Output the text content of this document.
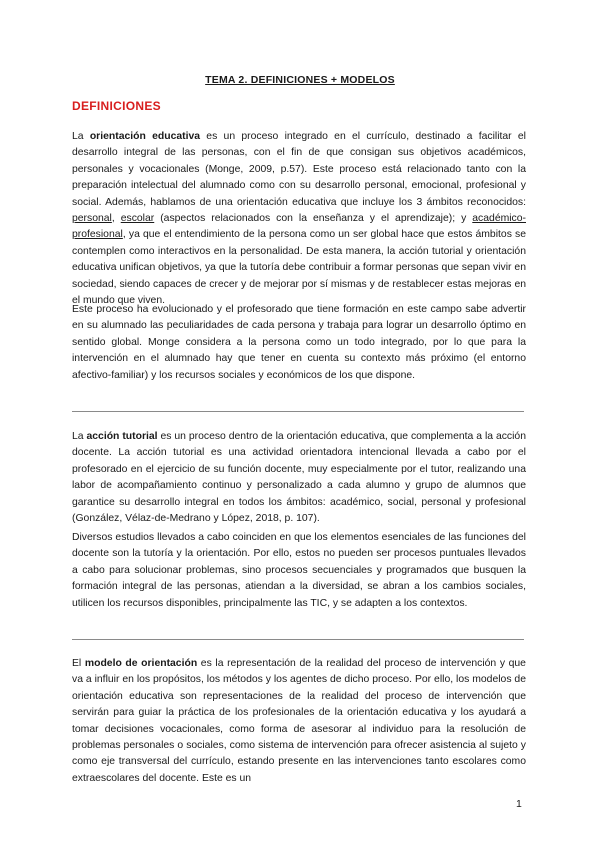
TEMA 2. DEFINICIONES + MODELOS
DEFINICIONES

La orientación educativa es un proceso integrado en el currículo, destinado a facilitar el desarrollo integral de las personas, con el fin de que consigan sus objetivos académicos, personales y vocacionales (Monge, 2009, p.57). Este proceso está relacionado tanto con la preparación intelectual del alumnado como con su desarrollo personal, emocional, profesional y social. Además, hablamos de una orientación educativa que incluye los 3 ámbitos reconocidos: personal, escolar (aspectos relacionados con la enseñanza y el aprendizaje); y académico-profesional, ya que el entendimiento de la persona como un ser global hace que estos ámbitos se contemplen como interactivos en la personalidad. De esta manera, la acción tutorial y orientación educativa unifican objetivos, ya que la tutoría debe contribuir a formar personas que sepan vivir en sociedad, siendo capaces de crecer y de mejorar por sí mismas y de restablecer estas mejoras en el mundo que viven.

Este proceso ha evolucionado y el profesorado que tiene formación en este campo sabe advertir en su alumnado las peculiaridades de cada persona y trabaja para lograr un desarrollo óptimo en sentido global. Monge considera a la persona como un todo integrado, por lo que para la intervención en el alumnado hay que tener en cuenta su contexto más próximo (el entorno afectivo-familiar) y los recursos sociales y económicos de los que dispone.

La acción tutorial es un proceso dentro de la orientación educativa, que complementa a la acción docente. La acción tutorial es una actividad orientadora intencional llevada a cabo por el profesorado en el ejercicio de su función docente, muy especialmente por el tutor, realizando una labor de acompañamiento continuo y personalizado a cada alumno y grupo de alumnos que garantice su desarrollo integral en todos los ámbitos: académico, social, personal y profesional (González, Vélaz-de-Medrano y López, 2018, p. 107).

Diversos estudios llevados a cabo coinciden en que los elementos esenciales de las funciones del docente son la tutoría y la orientación. Por ello, estos no pueden ser procesos puntuales llevados a cabo para solucionar problemas, sino procesos secuenciales y programados que busquen la formación integral de las personas, atiendan a la diversidad, se abran a los cambios sociales, utilicen los recursos disponibles, principalmente las TIC, y se adapten a los contextos.

El modelo de orientación es la representación de la realidad del proceso de intervención y que va a influir en los propósitos, los métodos y los agentes de dicho proceso. Por ello, los modelos de orientación educativa son representaciones de la realidad del proceso de intervención que servirán para guiar la práctica de los profesionales de la orientación educativa y los ayudará a tomar decisiones vocacionales, como forma de asesorar al individuo para la resolución de problemas personales o sociales, como sistema de intervención para ofrecer asistencia al sujeto y como eje transversal del currículo, estando presente en las intervenciones tanto escolares como extraescolares del docente. Este es un

1
